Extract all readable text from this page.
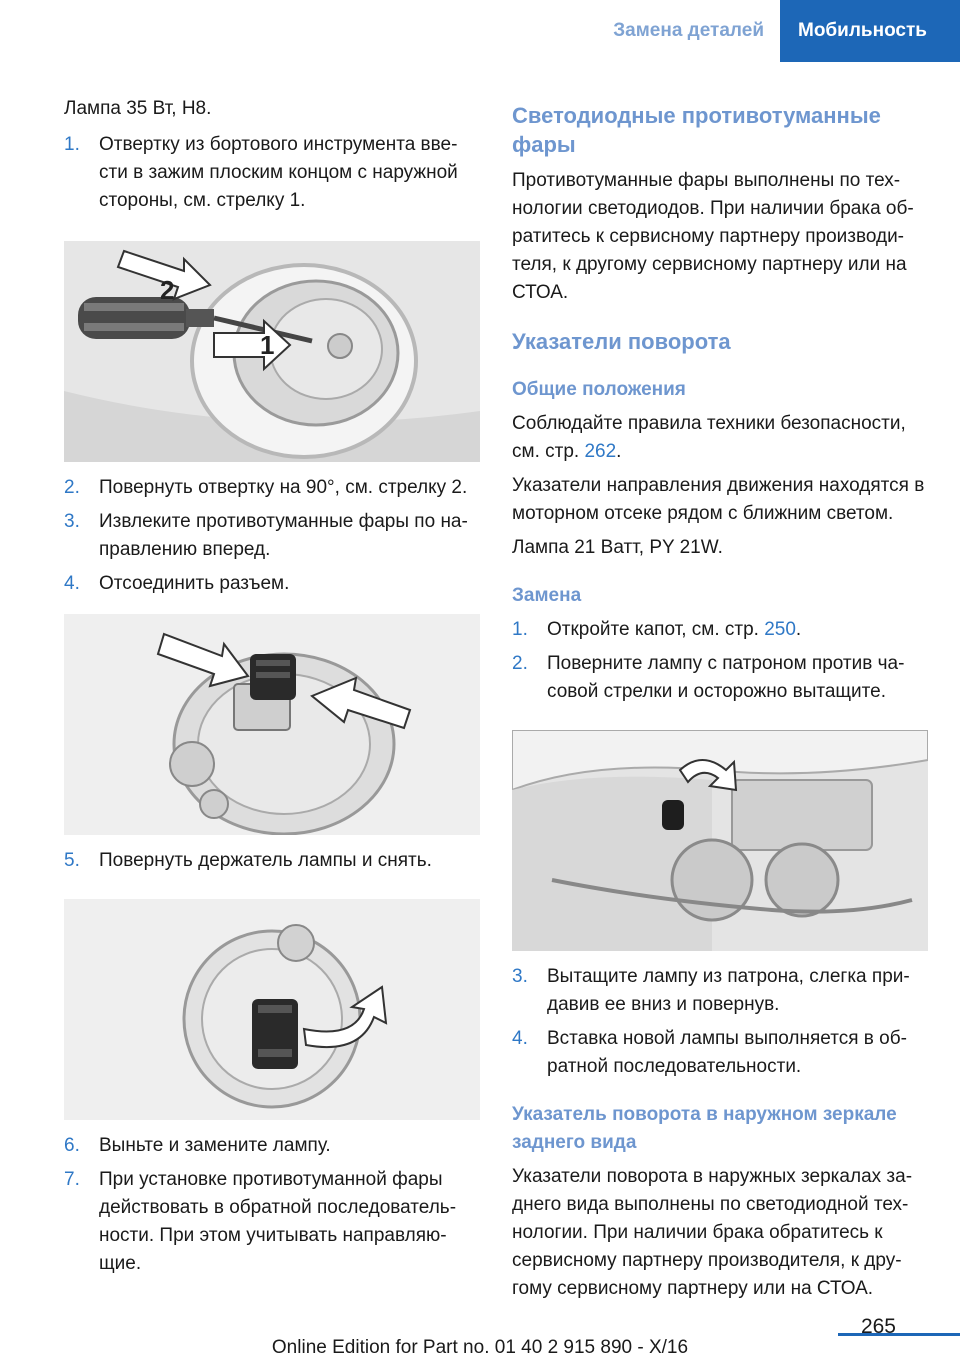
Замена деталей	Мобильность

Лампа 35 Вт, H8.

1.	Отвертку из бортового инструмента вве-сти в зажим плоским концом с наружной стороны, см. стрелку 1.
2
1
2.	Повернуть отвертку на 90°, см. стрелку 2.
3.	Извлеките противотуманные фары по на-правлению вперед.
4.	Отсоединить разъем.
5.	Повернуть держатель лампы и снять.
6.	Выньте и замените лампу.
7.	При установке противотуманной фары действовать в обратной последователь-ности. При этом учитывать направляю-щие.
Светодиодные противотуманные фары

Противотуманные фары выполнены по тех-нологии светодиодов. При наличии брака об-ратитесь к сервисному партнеру производи-теля, к другому сервисному партнеру или на СТОА.

Указатели поворота
Общие положения

Соблюдайте правила техники безопасности, см. стр. 262.

Указатели направления движения находятся в моторном отсеке рядом с ближним светом.

Лампа 21 Ватт, PY 21W.

Замена
1.	Откройте капот, см. стр. 250.
2.	Поверните лампу с патроном против ча-совой стрелки и осторожно вытащите.
3.	Вытащите лампу из патрона, слегка при-давив ее вниз и повернув.
4.	Вставка новой лампы выполняется в об-ратной последовательности.
Указатель поворота в наружном зеркале заднего вида

Указатели поворота в наружных зеркалах за-днего вида выполнены по светодиодной тех-нологии. При наличии брака обратитесь к сервисному партнеру производителя, к дру-гому сервисному партнеру или на СТОА.

265
Online Edition for Part no. 01 40 2 915 890 - X/16
